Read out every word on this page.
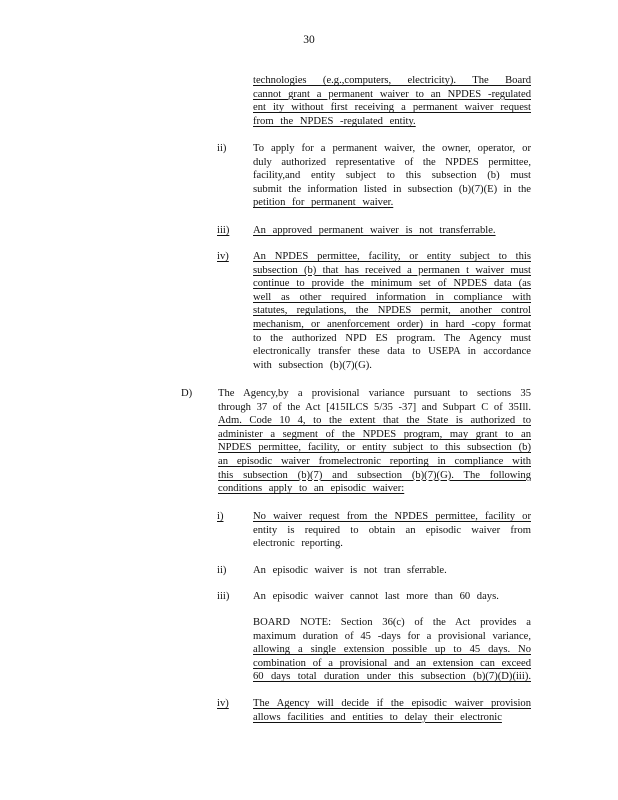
30
technologies (e.g.,computers, electricity). The Board
cannot grant a permanent waiver to an NPDES -regulated
ent ity without first receiving a permanent waiver request
from the NPDES -regulated entity.
ii)	To apply for a permanent waiver, the owner, operator, or
duly authorized representative of the NPDES permittee,
facility,and entity subject to this subsection (b) must
submit the information listed in subsection (b)(7)(E) in the
petition for permanent waiver.
iii) An approved permanent waiver is not transferrable.
iv) An NPDES permittee, facility, or entity subject to this
subsection (b) that has received a permanen t waiver must
continue to provide the minimum set of NPDES data (as
well as other required information in compliance with
statutes, regulations, the NPDES permit, another control
mechanism, or anenforcement order) in hard -copy format
to the authorized NPD ES program. The Agency must
electronically transfer these data to USEPA in accordance
with subsection (b)(7)(G).
D) The Agency,by a provisional variance pursuant to sections 35
through 37 of the Act [415ILCS 5/35 -37] and Subpart C of 35Ill.
Adm. Code 10 4, to the extent that the State is authorized to
administer a segment of the NPDES program, may grant to an
NPDES permittee, facility, or entity subject to this subsection (b)
an episodic waiver fromelectronic reporting in compliance with
this subsection (b)(7) and subsection (b)(7)(G). The following
conditions apply to an episodic waiver:
i)	No waiver request from the NPDES permittee, facility or
entity is required to obtain an episodic waiver from
electronic reporting.
ii)	An episodic waiver is not tran sferrable.
iii) An episodic waiver cannot last more than 60 days.
BOARD NOTE: Section 36(c) of the Act provides a
maximum duration of 45 -days for a provisional variance,
allowing a single extension possible up to 45 days. No
combination of a provisional and an extension can exceed
60 days total duration under this subsection (b)(7)(D)(iii).
iv) The Agency will decide if the episodic waiver provision
allows facilities and entities to delay their electronic
